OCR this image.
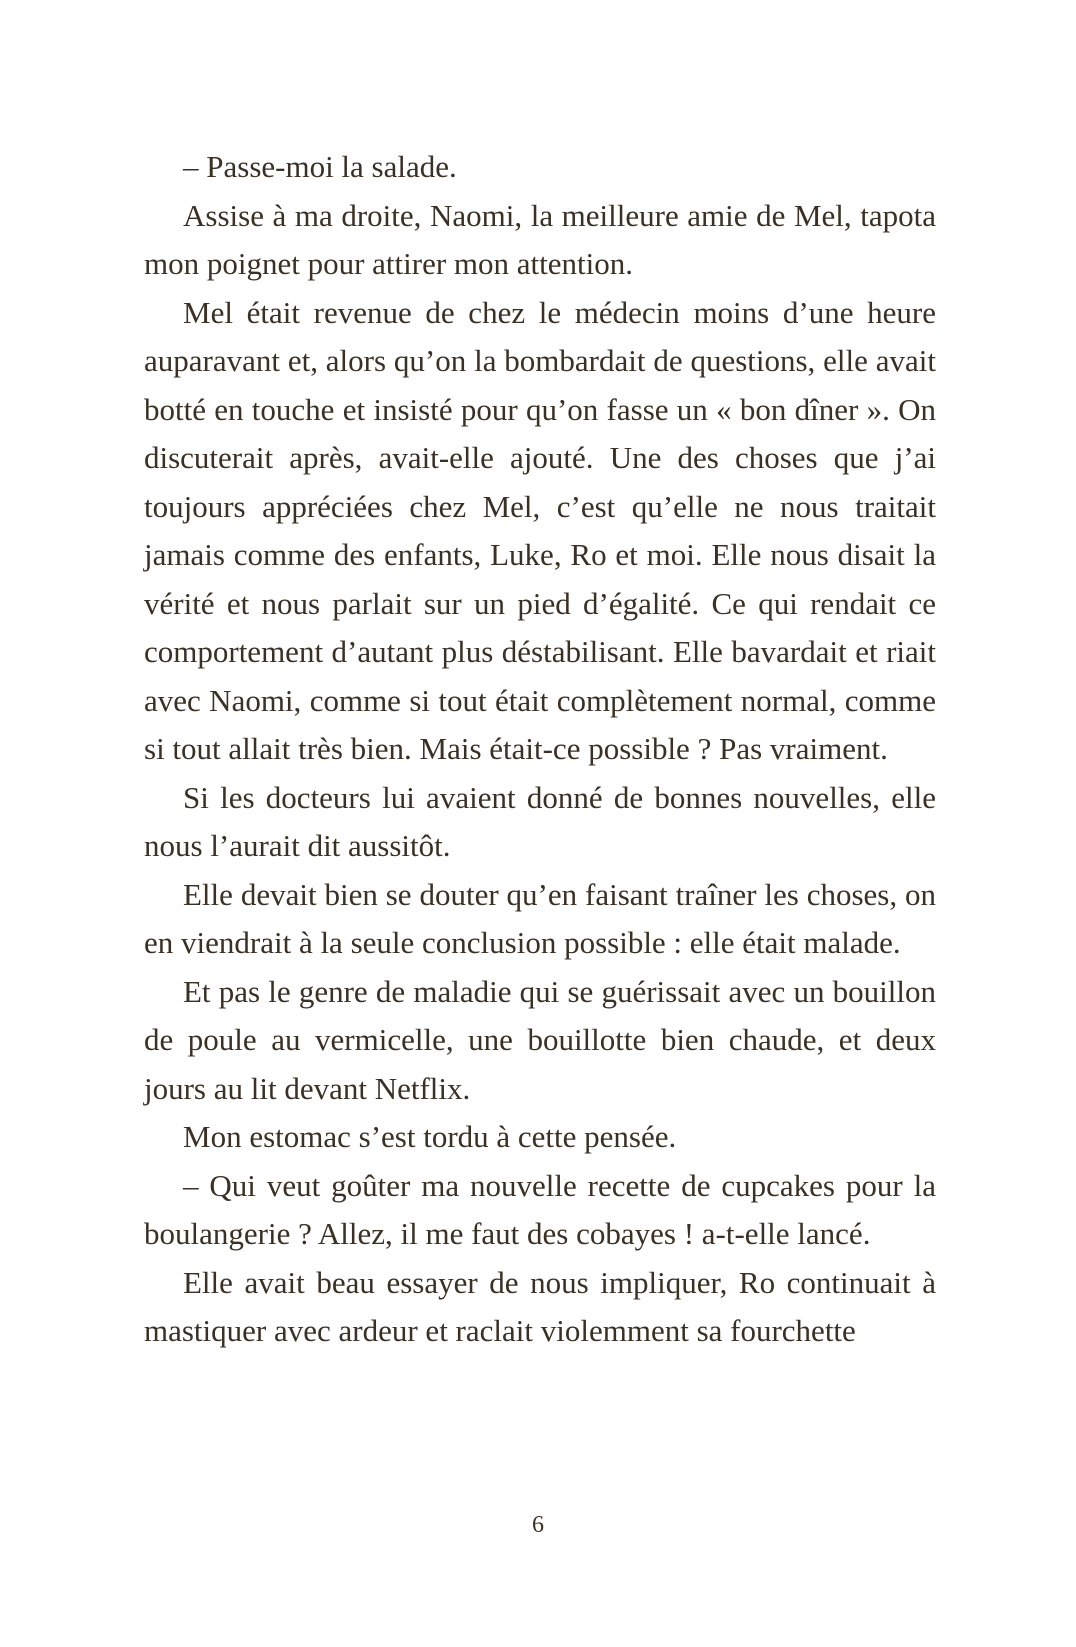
– Passe-moi la salade.

Assise à ma droite, Naomi, la meilleure amie de Mel, tapota mon poignet pour attirer mon attention.

Mel était revenue de chez le médecin moins d’une heure auparavant et, alors qu’on la bombardait de questions, elle avait botté en touche et insisté pour qu’on fasse un « bon dîner ». On discuterait après, avait-elle ajouté. Une des choses que j’ai toujours appréciées chez Mel, c’est qu’elle ne nous traitait jamais comme des enfants, Luke, Ro et moi. Elle nous disait la vérité et nous parlait sur un pied d’égalité. Ce qui rendait ce comportement d’autant plus déstabilisant. Elle bavardait et riait avec Naomi, comme si tout était complètement normal, comme si tout allait très bien. Mais était-ce possible ? Pas vraiment.

Si les docteurs lui avaient donné de bonnes nouvelles, elle nous l’aurait dit aussitôt.

Elle devait bien se douter qu’en faisant traîner les choses, on en viendrait à la seule conclusion possible : elle était malade.

Et pas le genre de maladie qui se guérissait avec un bouillon de poule au vermicelle, une bouillotte bien chaude, et deux jours au lit devant Netflix.

Mon estomac s’est tordu à cette pensée.

– Qui veut goûter ma nouvelle recette de cupcakes pour la boulangerie ? Allez, il me faut des cobayes ! a-t-elle lancé.

Elle avait beau essayer de nous impliquer, Ro continuait à mastiquer avec ardeur et raclait violemment sa fourchette

6
